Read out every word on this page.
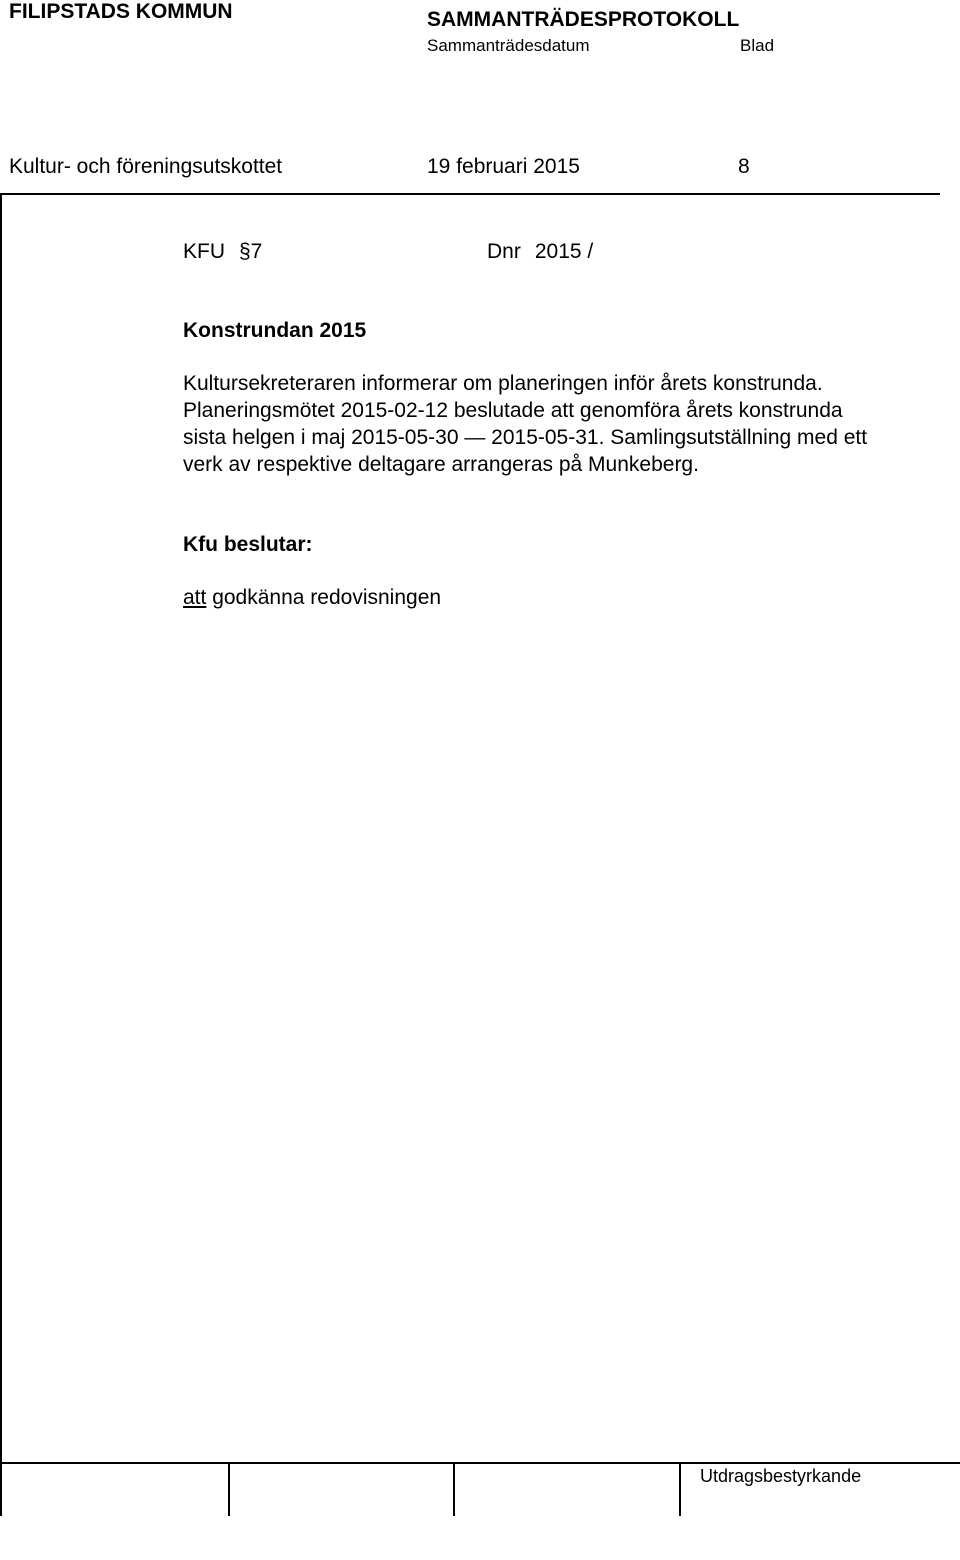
FILIPSTADS KOMMUN	SAMMANTRÄDESPROTOKOLL
Sammanträdesdatum	Blad
Kultur- och föreningsutskottet	19 februari 2015	8
KFU §7	Dnr 2015 /
Konstrundan 2015

Kultursekreteraren informerar om planeringen inför årets konstrunda.
Planeringsmötet 2015-02-12 beslutade att genomföra årets konstrunda
sista helgen i maj 2015-05-30 — 2015-05-31. Samlingsutställning med ett
verk av respektive deltagare arrangeras på Munkeberg.

Kfu beslutar:
att godkänna redovisningen
Utdragsbestyrkande
